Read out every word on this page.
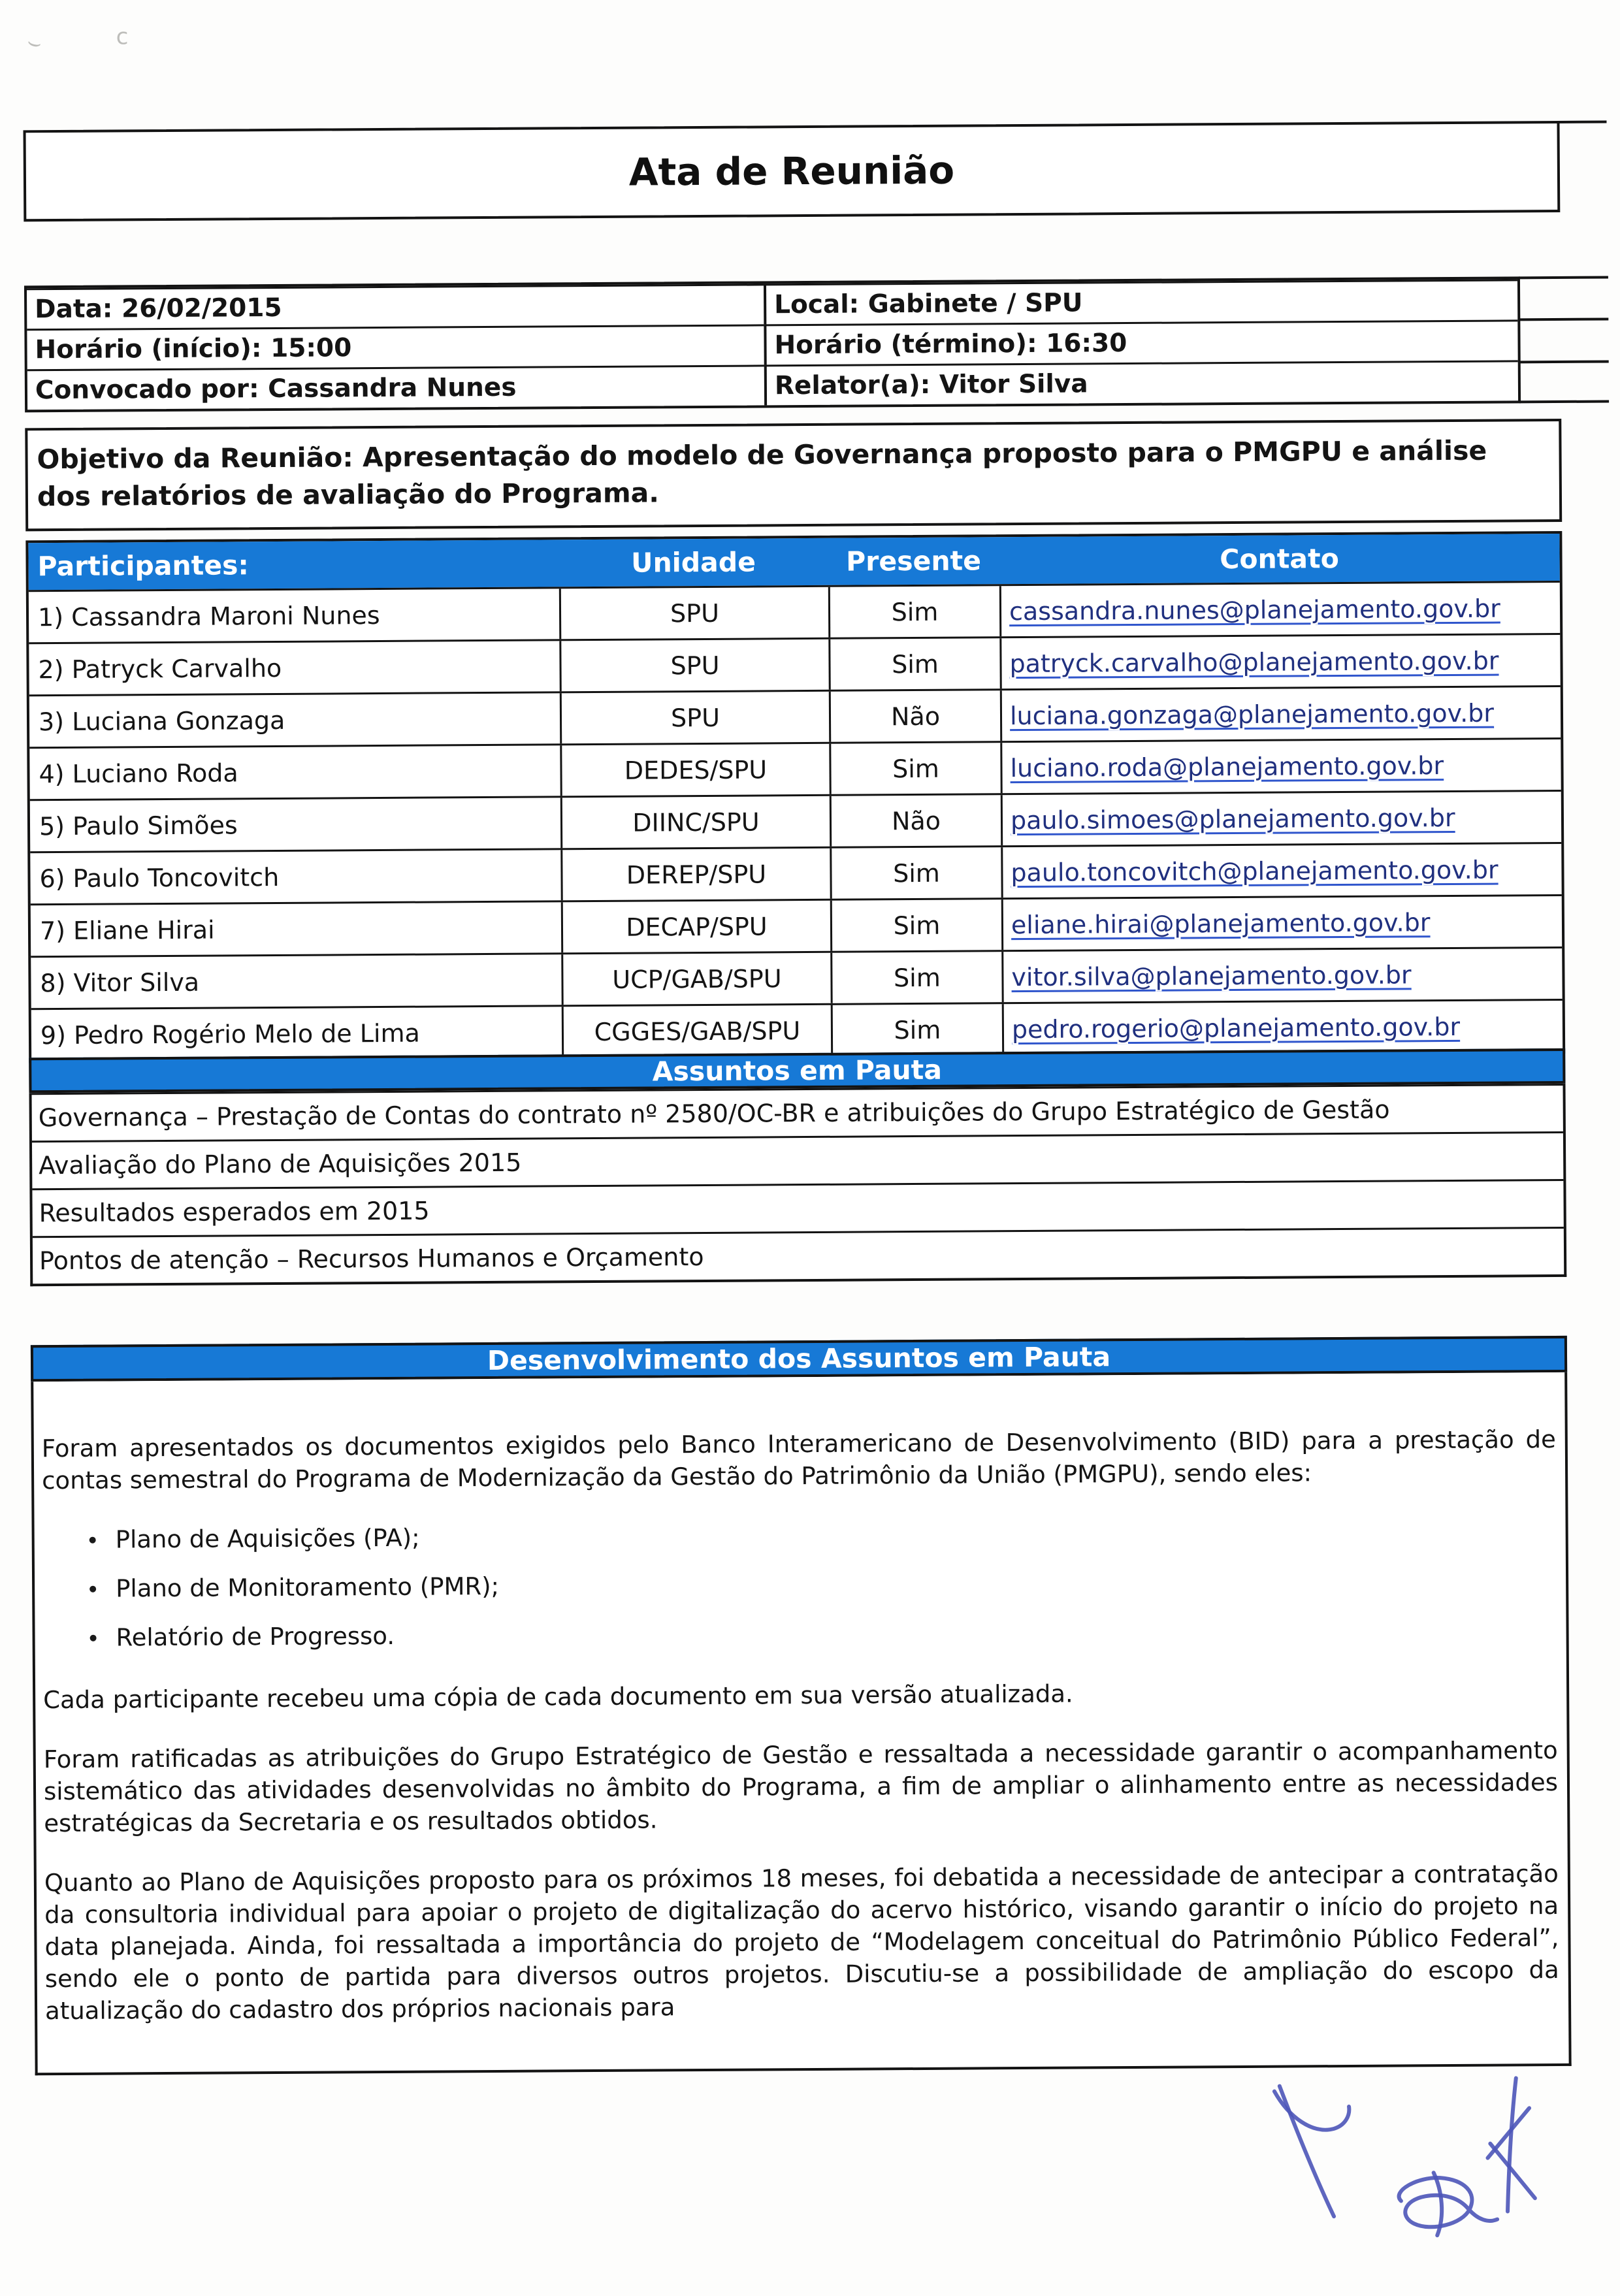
Ata de Reunião
Data: 26/02/2015	Local: Gabinete / SPU
Horário (início): 15:00	Horário (término): 16:30
Convocado por: Cassandra Nunes	Relator(a): Vitor Silva
Objetivo da Reunião: Apresentação do modelo de Governança proposto para o PMGPU e análise dos relatórios de avaliação do Programa.
Participantes:	Unidade	Presente	Contato
1) Cassandra Maroni Nunes	SPU	Sim	cassandra.nunes@planejamento.gov.br
2) Patryck Carvalho	SPU	Sim	patryck.carvalho@planejamento.gov.br
3) Luciana Gonzaga	SPU	Não	luciana.gonzaga@planejamento.gov.br
4) Luciano Roda	DEDES/SPU	Sim	luciano.roda@planejamento.gov.br
5) Paulo Simões	DIINC/SPU	Não	paulo.simoes@planejamento.gov.br
6) Paulo Toncovitch	DEREP/SPU	Sim	paulo.toncovitch@planejamento.gov.br
7) Eliane Hirai	DECAP/SPU	Sim	eliane.hirai@planejamento.gov.br
8) Vitor Silva	UCP/GAB/SPU	Sim	vitor.silva@planejamento.gov.br
9) Pedro Rogério Melo de Lima	CGGES/GAB/SPU	Sim	pedro.rogerio@planejamento.gov.br
Assuntos em Pauta
Governança – Prestação de Contas do contrato nº 2580/OC-BR e atribuições do Grupo Estratégico de Gestão
Avaliação do Plano de Aquisições 2015
Resultados esperados em 2015
Pontos de atenção – Recursos Humanos e Orçamento
Desenvolvimento dos Assuntos em Pauta

Foram apresentados os documentos exigidos pelo Banco Interamericano de Desenvolvimento (BID) para a prestação de contas semestral do Programa de Modernização da Gestão do Patrimônio da União (PMGPU), sendo eles:

Plano de Aquisições (PA);
Plano de Monitoramento (PMR);
Relatório de Progresso.

Cada participante recebeu uma cópia de cada documento em sua versão atualizada.

Foram ratificadas as atribuições do Grupo Estratégico de Gestão e ressaltada a necessidade garantir o acompanhamento sistemático das atividades desenvolvidas no âmbito do Programa, a fim de ampliar o alinhamento entre as necessidades estratégicas da Secretaria e os resultados obtidos.

Quanto ao Plano de Aquisições proposto para os próximos 18 meses, foi debatida a necessidade de antecipar a contratação da consultoria individual para apoiar o projeto de digitalização do acervo histórico, visando garantir o início do projeto na data planejada. Ainda, foi ressaltada a importância do projeto de “Modelagem conceitual do Patrimônio Público Federal”, sendo ele o ponto de partida para diversos outros projetos. Discutiu-se a possibilidade de ampliação do escopo da atualização do cadastro dos próprios nacionais para

⌣	c
